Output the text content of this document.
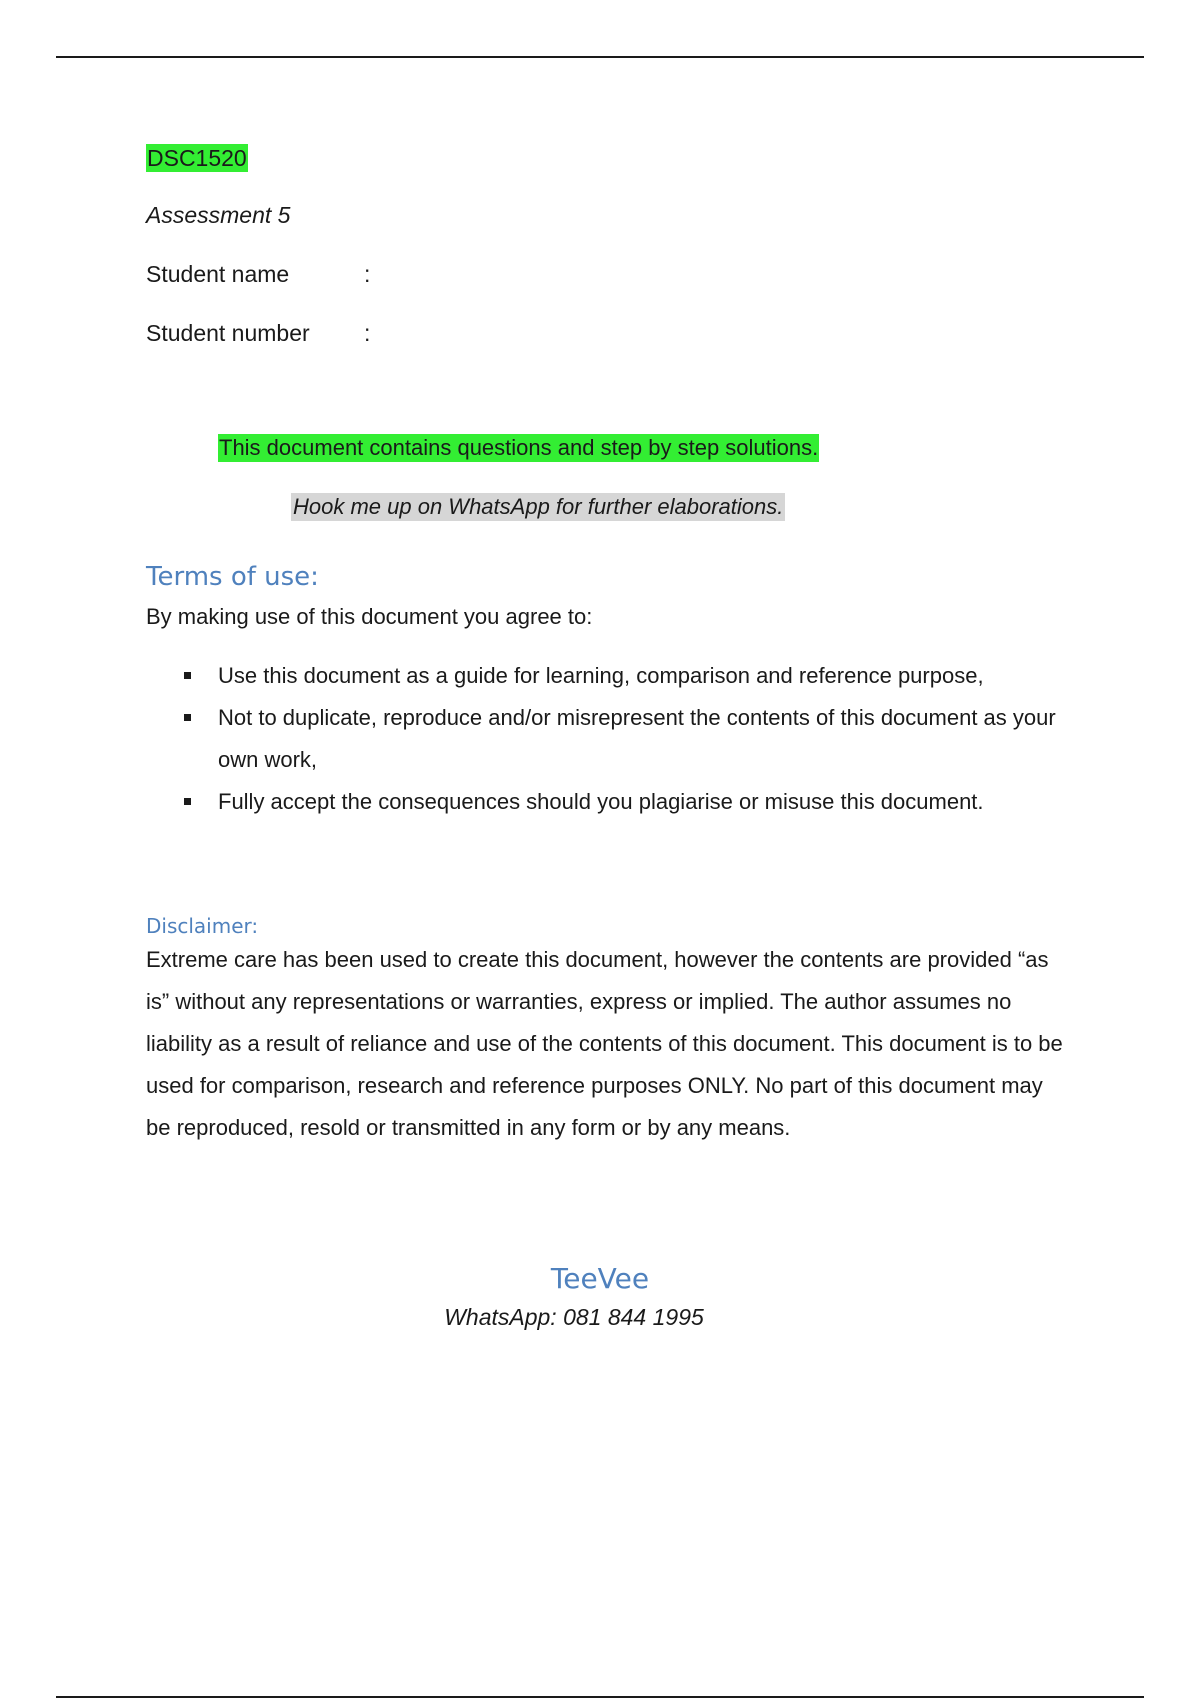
DSC1520
Assessment 5
Student name	:
Student number	:
This document contains questions and step by step solutions.
Hook me up on WhatsApp for further elaborations.
Terms of use:
By making use of this document you agree to:
Use this document as a guide for learning, comparison and reference purpose,
Not to duplicate, reproduce and/or misrepresent the contents of this document as your own work,
Fully accept the consequences should you plagiarise or misuse this document.
Disclaimer:
Extreme care has been used to create this document, however the contents are provided “as is” without any representations or warranties, express or implied. The author assumes no liability as a result of reliance and use of the contents of this document. This document is to be used for comparison, research and reference purposes ONLY. No part of this document may be reproduced, resold or transmitted in any form or by any means.
TeeVee
WhatsApp: 081 844 1995
